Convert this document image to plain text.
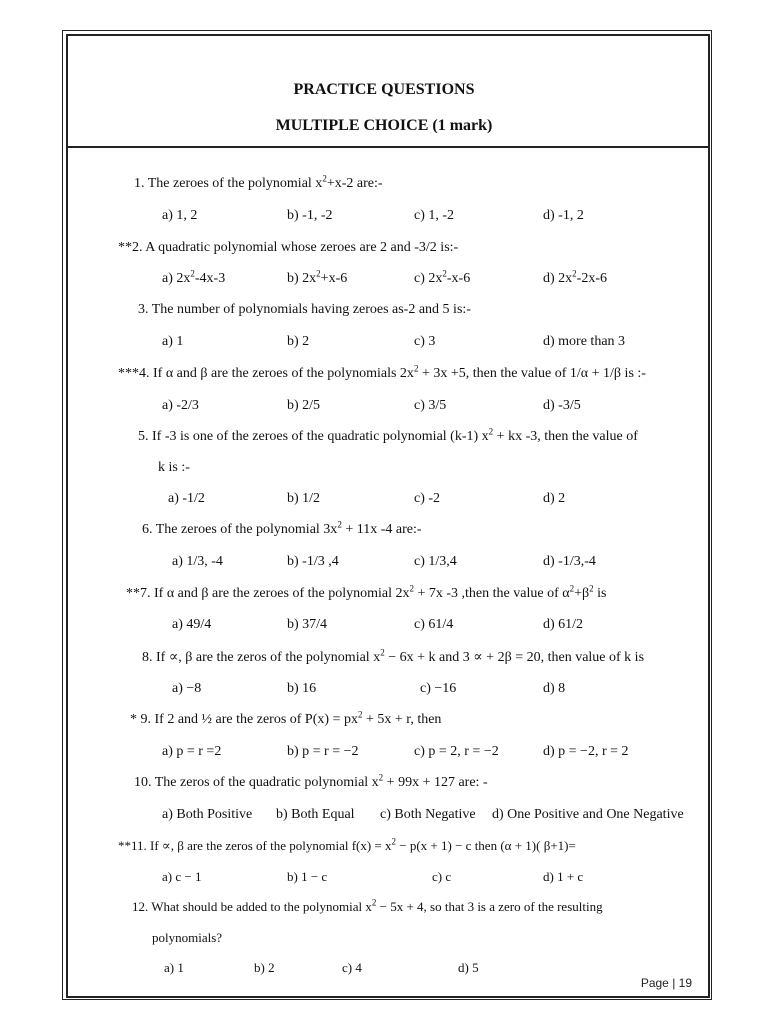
PRACTICE QUESTIONS
MULTIPLE CHOICE (1 mark)
1. The zeroes of the polynomial $x^2+x-2$ are:-
a) 1, 2	b) -1, -2	c) 1, -2	d) -1, 2
**2. A quadratic polynomial whose zeroes are 2 and -3/2 is:-
a) $2x^2-4x-3$	b) $2x^2+x-6$	c) $2x^2-x-6$	d) $2x^2-2x-6$
3. The number of polynomials having zeroes as-2 and 5 is:-
a) 1	b) 2	c) 3	d) more than 3
***4. If α and β are the zeroes of the polynomials $2x^2 + 3x +5$, then the value of 1/α + 1/β is :-
a) -2/3	b) 2/5	c) 3/5	d) -3/5
5. If -3 is one of the zeroes of the quadratic polynomial (k-1) $x^2$ + kx -3, then the value of
k is :-
a) -1/2	b) 1/2	c) -2	d) 2
6. The zeroes of the polynomial $3x^2 + 11x$ -4 are:-
a) 1/3, -4	b) -1/3 ,4	c) 1/3,4	d) -1/3,-4
**7. If α and β are the zeroes of the polynomial $2x^2 + 7x$ -3 ,then the value of $\alpha^2+\beta^2$ is
a) 49/4	b) 37/4	c) 61/4	d) 61/2
8. If ∝, β are the zeros of the polynomial $x^2 - 6x + k$ and 3 ∝ + 2β = 20, then value of k is
a) −8	b) 16	c) −16	d) 8
* 9. If 2 and ½ are the zeros of $P(x) = px^2 + 5x + r$, then
a) p = r =2	b) p = r = −2	c) p = 2, r = −2	d) p = −2, r = 2
10. The zeros of the quadratic polynomial $x^2 + 99x + 127$ are: -
a) Both Positive b) Both Equal c) Both Negative d) One Positive and One Negative
**11. If ∝, β are the zeros of the polynomial $f(x) = x^2 - p(x + 1) - c$ then (α + 1)( β+1)=
a) c − 1	b) 1 − c	c) c	d) 1 + c
12. What should be added to the polynomial $x^2 - 5x + 4$, so that 3 is a zero of the resulting
polynomials?
a) 1	b) 2	c) 4	d) 5
Page | 19
